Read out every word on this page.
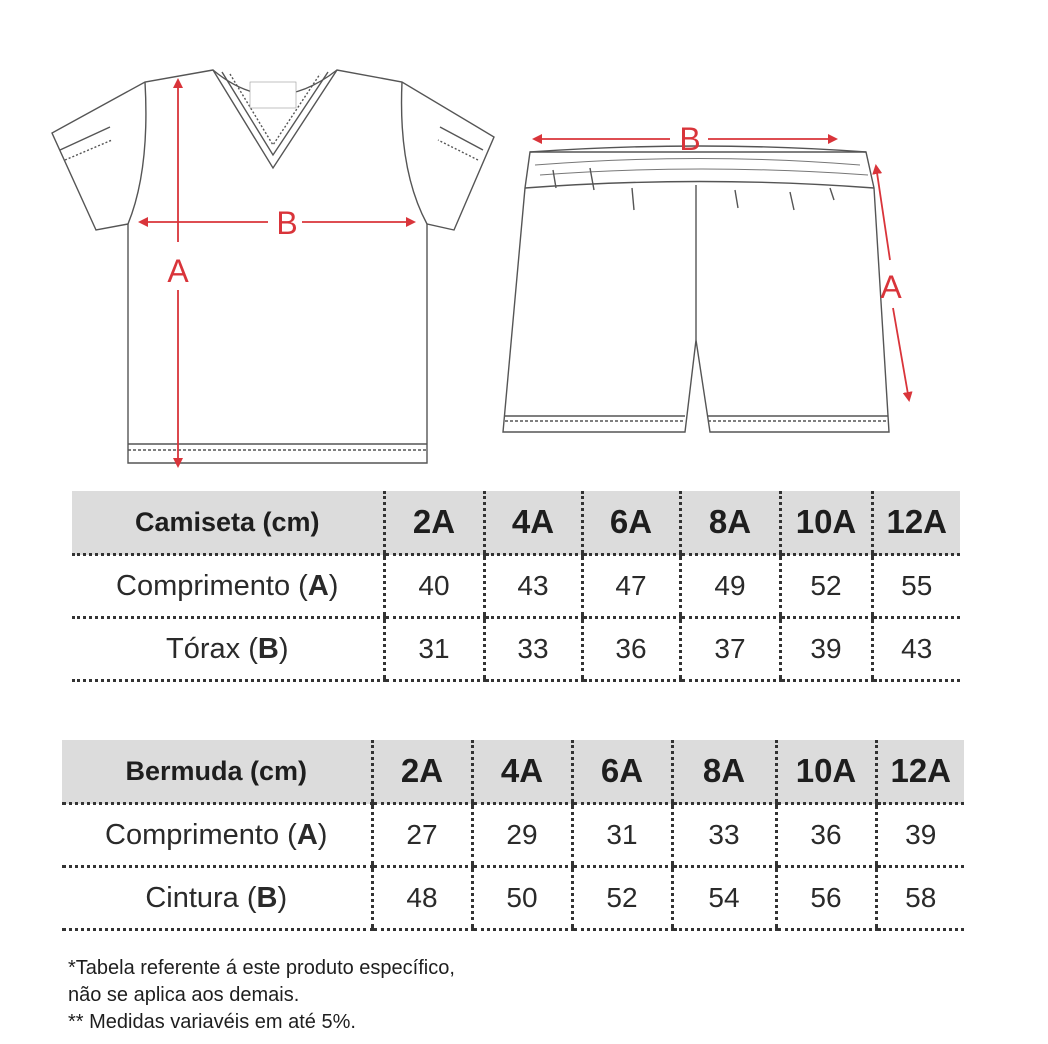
A
B
B
A
Camiseta (cm)	2A	4A	6A	8A	10A	12A
Comprimento (A)	40	43	47	49	52	55
Tórax (B)	31	33	36	37	39	43
Bermuda (cm)	2A	4A	6A	8A	10A	12A
Comprimento (A)	27	29	31	33	36	39
Cintura (B)	48	50	52	54	56	58
*Tabela referente á este produto específico,
não se aplica aos demais.
** Medidas variavéis em até 5%.
